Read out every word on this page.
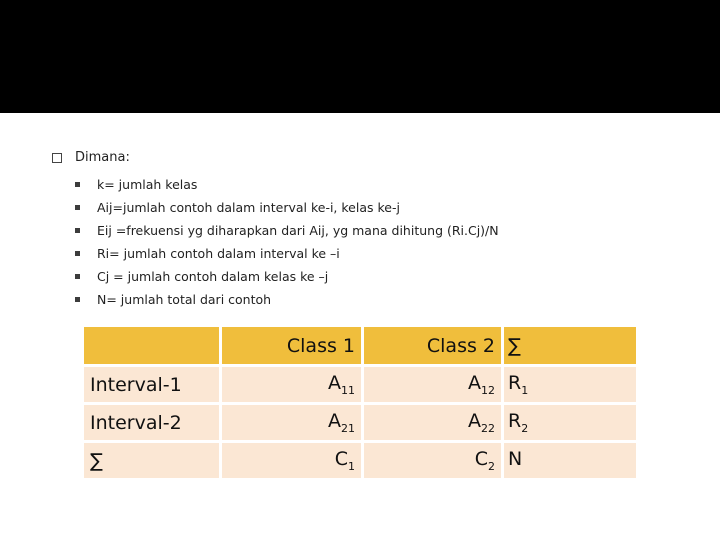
Dimana:
k= jumlah kelas
Aij=jumlah contoh dalam interval ke-i, kelas ke-j
Eij =frekuensi yg diharapkan dari Aij, yg mana dihitung (Ri.Cj)/N
Ri= jumlah contoh dalam interval ke –i
Cj = jumlah contoh dalam kelas ke –j
N= jumlah total dari contoh
	Class 1	Class 2	∑
Interval-1	$A_{11}$	$A_{12}$	$R_1$
Interval-2	$A_{21}$	$A_{22}$	$R_2$
∑	$C_1$	$C_2$	N
